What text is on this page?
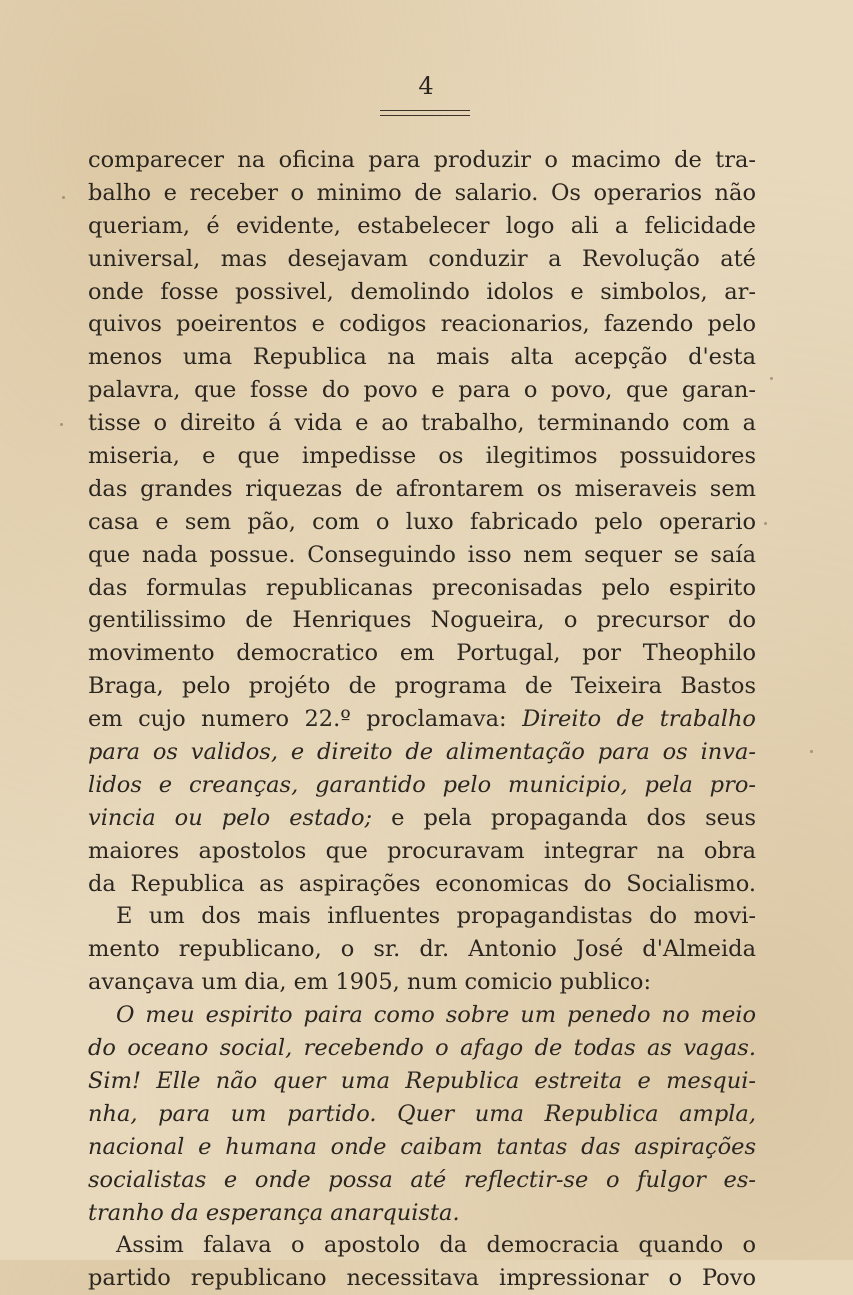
4
comparecer na oficina para produzir o macimo de tra-
balho e receber o minimo de salario. Os operarios não
queriam, é evidente, estabelecer logo ali a felicidade
universal, mas desejavam conduzir a Revolução até
onde fosse possivel, demolindo idolos e simbolos, ar-
quivos poeirentos e codigos reacionarios, fazendo pelo
menos uma Republica na mais alta acepção d'esta
palavra, que fosse do povo e para o povo, que garan-
tisse o direito á vida e ao trabalho, terminando com a
miseria, e que impedisse os ilegitimos possuidores
das grandes riquezas de afrontarem os miseraveis sem
casa e sem pão, com o luxo fabricado pelo operario
que nada possue. Conseguindo isso nem sequer se saía
das formulas republicanas preconisadas pelo espirito
gentilissimo de Henriques Nogueira, o precursor do
movimento democratico em Portugal, por Theophilo
Braga, pelo projéto de programa de Teixeira Bastos
em cujo numero 22.º proclamava: Direito de trabalho
para os validos, e direito de alimentação para os inva-
lidos e creanças, garantido pelo municipio, pela pro-
vincia ou pelo estado; e pela propaganda dos seus
maiores apostolos que procuravam integrar na obra
da Republica as aspirações economicas do Socialismo.
E um dos mais influentes propagandistas do movi-
mento republicano, o sr. dr. Antonio José d'Almeida
avançava um dia, em 1905, num comicio publico:
O meu espirito paira como sobre um penedo no meio
do oceano social, recebendo o afago de todas as vagas.
Sim! Elle não quer uma Republica estreita e mesqui-
nha, para um partido. Quer uma Republica ampla,
nacional e humana onde caibam tantas das aspirações
socialistas e onde possa até reflectir-se o fulgor es-
tranho da esperança anarquista.
Assim falava o apostolo da democracia quando o
partido republicano necessitava impressionar o Povo
